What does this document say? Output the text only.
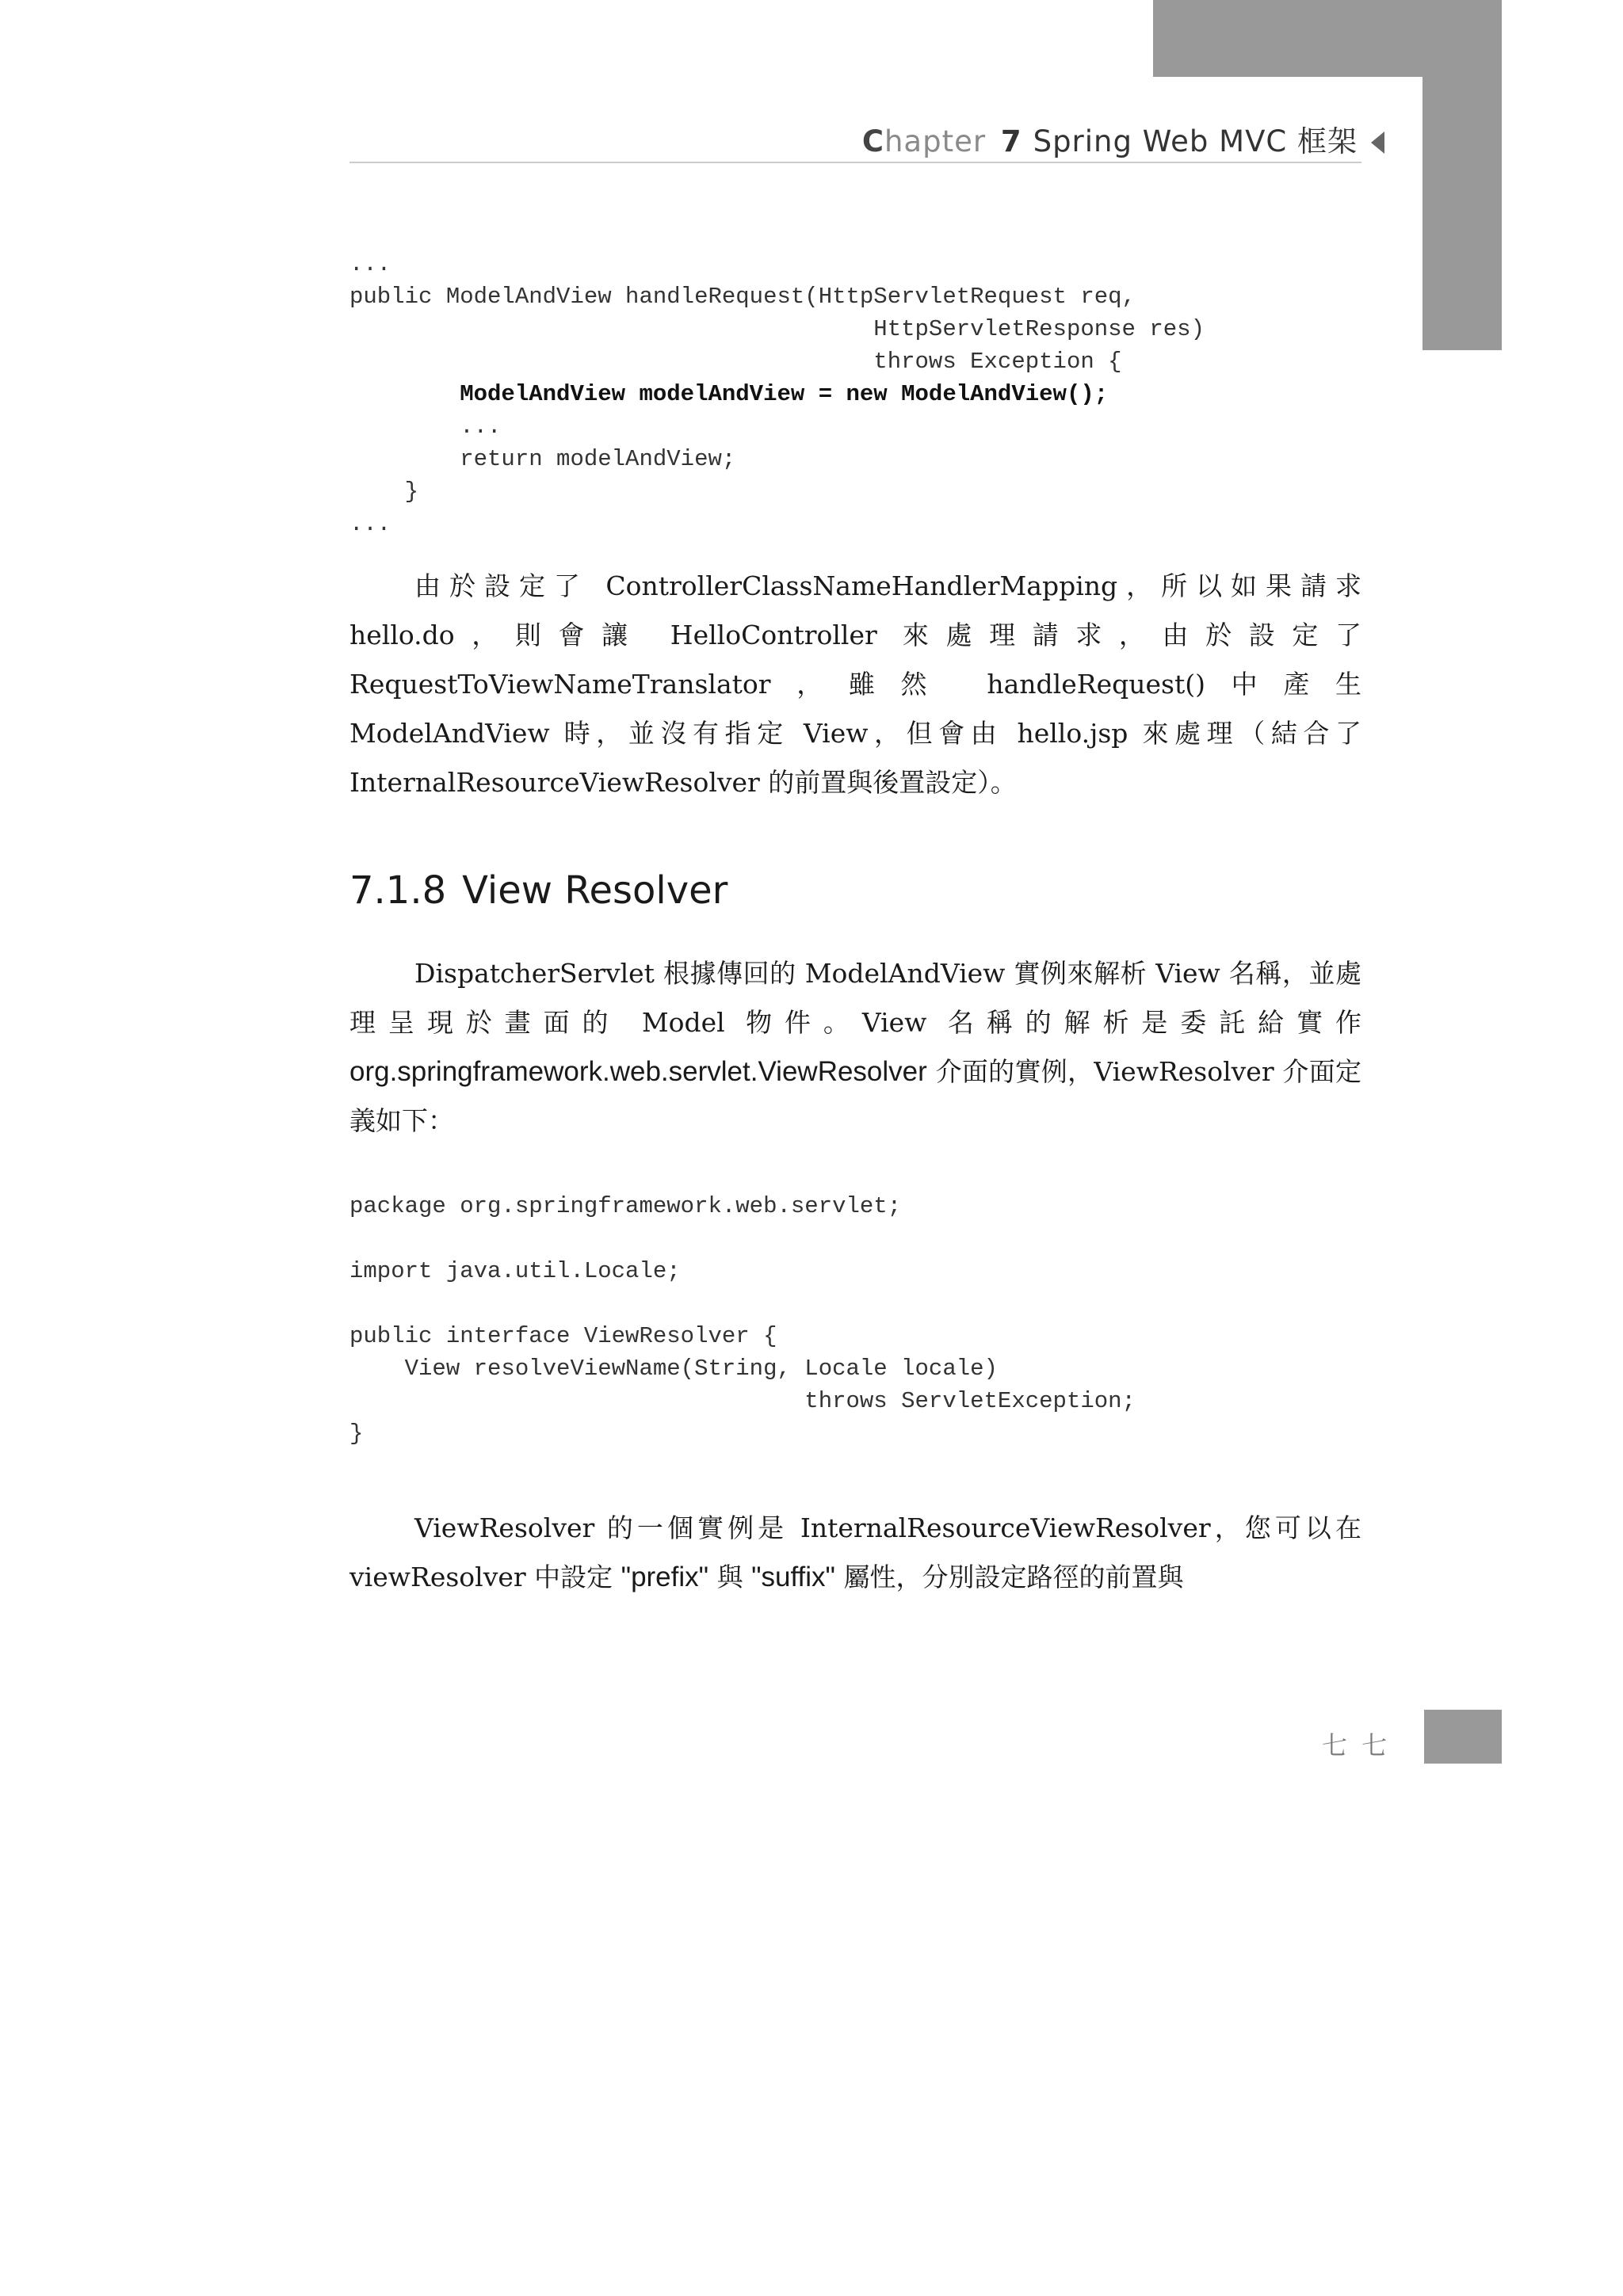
Chapter 7 Spring Web MVC 框架
...
public ModelAndView handleRequest(HttpServletRequest req,
HttpServletResponse res)
throws Exception {
ModelAndView modelAndView = new ModelAndView();
...
return modelAndView;
}
...

由於設定了 ControllerClassNameHandlerMapping，所以如果請求 hello.do，則會讓 HelloController 來處理請求，由於設定了 RequestToViewNameTranslator，雖然 handleRequest()中產生 ModelAndView 時，並沒有指定 View，但會由 hello.jsp 來處理（結合了 InternalResourceViewResolver 的前置與後置設定）。

7.1.8 View Resolver

DispatcherServlet 根據傳回的 ModelAndView 實例來解析 View 名稱，並處理呈現於畫面的 Model 物件。View 名稱的解析是委託給實作 org.springframework.web.servlet.ViewResolver 介面的實例，ViewResolver 介面定義如下：

package org.springframework.web.servlet;

import java.util.Locale;

public interface ViewResolver {
View resolveViewName(String, Locale locale)
throws ServletException;
}

ViewResolver 的一個實例是 InternalResourceViewResolver，您可以在 viewResolver 中設定 "prefix" 與 "suffix" 屬性，分別設定路徑的前置與

七 七
